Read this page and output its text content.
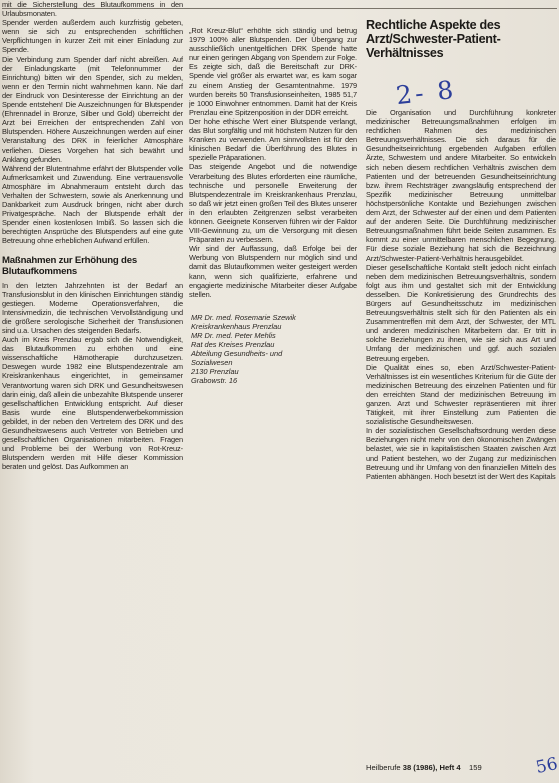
mit die Sicherstellung des Blutaufkommens in den Urlaubsmonaten.

Spender werden außerdem auch kurzfristig gebeten, wenn sie sich zu entsprechenden schriftlichen Verpflichtungen in kurzer Zeit mit einer Einladung zur Spende.

Die Verbindung zum Spender darf nicht abreißen. Auf der Einladungskarte (mit Telefonnummer der Einrichtung) bitten wir den Spender, sich zu melden, wenn er den Termin nicht wahrnehmen kann. Nie darf der Eindruck von Desinteresse der Einrichtung an der Spende entstehen! Die Auszeichnungen für Blutspender (Ehrennadel in Bronze, Silber und Gold) überreicht der Arzt bei Erreichen der entsprechenden Zahl von Blutspenden. Höhere Auszeichnungen werden auf einer Veranstaltung des DRK in feierlicher Atmosphäre verliehen. Dieses Vorgehen hat sich bewährt und Anklang gefunden.

Während der Blutentnahme erfährt der Blutspender volle Aufmerksamkeit und Zuwendung. Eine vertrauensvolle Atmosphäre im Abnahmeraum entsteht durch das Verhalten der Schwestern, sowie als Anerkennung und Dankbarkeit zum Ausdruck bringen, nicht aber durch Privatgespräche. Nach der Blutspende erhält der Spender einen kostenlosen Imbiß. So lassen sich die berechtigten Ansprüche des Blutspenders auf eine gute Betreuung ohne erheblichen Aufwand erfüllen.

Maßnahmen zur Erhöhung des Blutaufkommens

In den letzten Jahrzehnten ist der Bedarf an Transfusionsblut in den klinischen Einrichtungen ständig gestiegen. Moderne Operationsverfahren, die Intensivmedizin, die technischen Vervollständigung und die größere serologische Sicherheit der Transfusionen sind u.a. Ursachen des steigenden Bedarfs.

Auch im Kreis Prenzlau ergab sich die Notwendigkeit, das Blutaufkommen zu erhöhen und eine wissenschaftliche Hämotherapie durchzusetzen. Deswegen wurde 1982 eine Blutspendezentrale am Kreiskrankenhaus eingerichtet, in gemeinsamer Verantwortung waren sich DRK und Gesundheitswesen darin einig, daß allein die unbezahlte Blutspende unserer gesellschaftlichen Entwicklung entspricht. Auf dieser Basis wurde eine Blutspenderwerbekommission gebildet, in der neben den Vertretern des DRK und des Gesundheitswesens auch Vertreter von Betrieben und gesellschaftlichen Organisationen mitarbeiten. Fragen und Probleme bei der Werbung von Rot-Kreuz-Blutspendern werden mit Hilfe dieser Kommission beraten und gelöst. Das Aufkommen an

„Rot Kreuz-Blut“ erhöhte sich ständig und betrug 1979 100% aller Blutspenden. Der Übergang zur ausschließlich unentgeltlichen DRK Spende hatte nur einen geringen Abgang von Spendern zur Folge. Es zeigte sich, daß die Bereitschaft zur DRK-Spende viel größer als erwartet war, es kam sogar zu einem Anstieg der Gesamtentnahme. 1979 wurden bereits 50 Transfusionseinheiten, 1985 51,7 je 1000 Einwohner entnommen. Damit hat der Kreis Prenzlau eine Spitzenposition in der DDR erreicht.

Der hohe ethische Wert einer Blutspende verlangt, das Blut sorgfältig und mit höchstem Nutzen für den Kranken zu verwenden. Am sinnvollsten ist für den klinischen Bedarf die Überführung des Blutes in spezielle Präparationen.

Das steigende Angebot und die notwendige Verarbeitung des Blutes erforderten eine räumliche, technische und personelle Erweiterung der Blutspendezentrale im Kreiskrankenhaus Prenzlau, so daß wir jetzt einen großen Teil des Blutes unserer in den erlaubten Zeitgrenzen selbst verarbeiten können. Geeignete Konserven führen wir der Faktor VIII-Gewinnung zu, um die Versorgung mit diesen Präparaten zu verbessern.

Wir sind der Auffassung, daß Erfolge bei der Werbung von Blutspendern nur möglich sind und damit das Blutaufkommen weiter gesteigert werden kann, wenn sich qualifizierte, erfahrene und engagierte medizinische Mitarbeiter dieser Aufgabe stellen.

MR Dr. med. Rosemarie Szewik
Kreiskrankenhaus Prenzlau
MR Dr. med. Peter Mehlis
Rat des Kreises Prenzlau
Abteilung Gesundheits- und
Sozialwesen
2130 Prenzlau
Grabowstr. 16
Rechtliche Aspekte des Arzt/Schwester-Patient-Verhältnisses

Die Organisation und Durchführung konkreter medizinischer Betreuungsmaßnahmen erfolgen im rechtlichen Rahmen des medizinischen Betreuungsverhältnisses. Die sich daraus für die Gesundheitseinrichtung ergebenden Aufgaben erfüllen Ärzte, Schwestern und andere Mitarbeiter. So entwickeln sich neben diesem rechtlichen Verhältnis zwischen dem Patienten und der betreuenden Gesundheitseinrichtung bzw. ihrem Rechtsträger zwangsläufig entsprechend der Spezifik medizinischer Betreuung unmittelbar höchstpersönliche Kontakte und Beziehungen zwischen dem Arzt, der Schwester auf der einen und dem Patienten auf der anderen Seite. Die Durchführung medizinischer Betreuungsmaßnahmen führt beide Seiten zusammen. Es kommt zu einer unmittelbaren menschlichen Begegnung. Für diese soziale Beziehung hat sich die Bezeichnung Arzt/Schwester-Patient-Verhältnis herausgebildet.

Dieser gesellschaftliche Kontakt stellt jedoch nicht einfach neben dem medizinischen Betreuungsverhältnis, sondern folgt aus ihm und gestaltet sich mit der Entwicklung desselben. Die Konkretisierung des Grundrechts des Bürgers auf Gesundheitsschutz im medizinischen Betreuungsverhältnis stellt sich für den Patienten als ein Zusammentreffen mit dem Arzt, der Schwester, der MTL und anderen medizinischen Mitarbeitern dar. Er tritt in solche Beziehungen zu ihnen, wie sie sich aus Art und Umfang der medizinischen und ggf. auch sozialen Betreuung ergeben.

Die Qualität eines so, eben Arzt/Schwester-Patient-Verhältnisses ist ein wesentliches Kriterium für die Güte der medizinischen Betreuung des einzelnen Patienten und für den erreichten Stand der medizinischen Betreuung im ganzen. Arzt und Schwester repräsentieren mit ihrer Tätigkeit, mit ihrer Einstellung zum Patienten die sozialistische Gesundheitswesen.

In der sozialistischen Gesellschaftsordnung werden diese Beziehungen nicht mehr von den ökonomischen Zwängen belastet, wie sie in kapitalistischen Staaten zwischen Arzt und Patient bestehen, wo der Zugang zur medizinischen Betreuung und ihr Umfang von den finanziellen Mitteln des Patienten abhängen. Hoch besetzt ist der Wert des Kapitals

2- 8
Heilberufe 38 (1986), Heft 4 159	56
